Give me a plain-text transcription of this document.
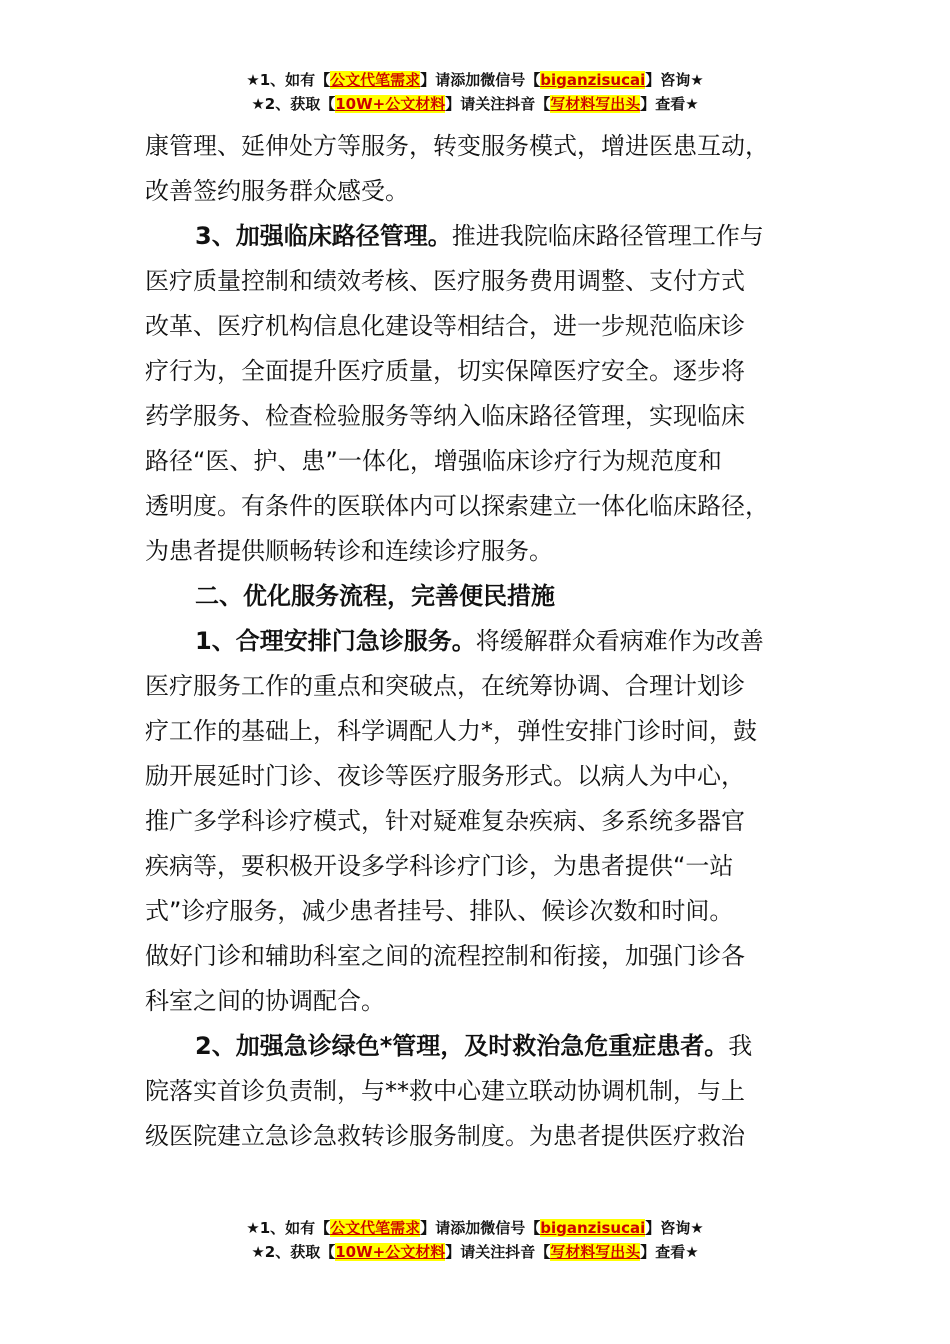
★1、如有【公文代笔需求】请添加微信号【biganzisucai】咨询★
★2、获取【10W+公文材料】请关注抖音【写材料写出头】查看★
康管理、延伸处方等服务，转变服务模式，增进医患互动，
改善签约服务群众感受。
3、加强临床路径管理。推进我院临床路径管理工作与
医疗质量控制和绩效考核、医疗服务费用调整、支付方式
改革、医疗机构信息化建设等相结合，进一步规范临床诊
疗行为，全面提升医疗质量，切实保障医疗安全。逐步将
药学服务、检查检验服务等纳入临床路径管理，实现临床
路径“医、护、患”一体化，增强临床诊疗行为规范度和
透明度。有条件的医联体内可以探索建立一体化临床路径，
为患者提供顺畅转诊和连续诊疗服务。
二、优化服务流程，完善便民措施
1、合理安排门急诊服务。将缓解群众看病难作为改善
医疗服务工作的重点和突破点，在统筹协调、合理计划诊
疗工作的基础上，科学调配人力*，弹性安排门诊时间，鼓
励开展延时门诊、夜诊等医疗服务形式。以病人为中心，
推广多学科诊疗模式，针对疑难复杂疾病、多系统多器官
疾病等，要积极开设多学科诊疗门诊，为患者提供“一站
式”诊疗服务，减少患者挂号、排队、候诊次数和时间。
做好门诊和辅助科室之间的流程控制和衔接，加强门诊各
科室之间的协调配合。
2、加强急诊绿色*管理，及时救治急危重症患者。我
院落实首诊负责制，与**救中心建立联动协调机制，与上
级医院建立急诊急救转诊服务制度。为患者提供医疗救治
★1、如有【公文代笔需求】请添加微信号【biganzisucai】咨询★
★2、获取【10W+公文材料】请关注抖音【写材料写出头】查看★
